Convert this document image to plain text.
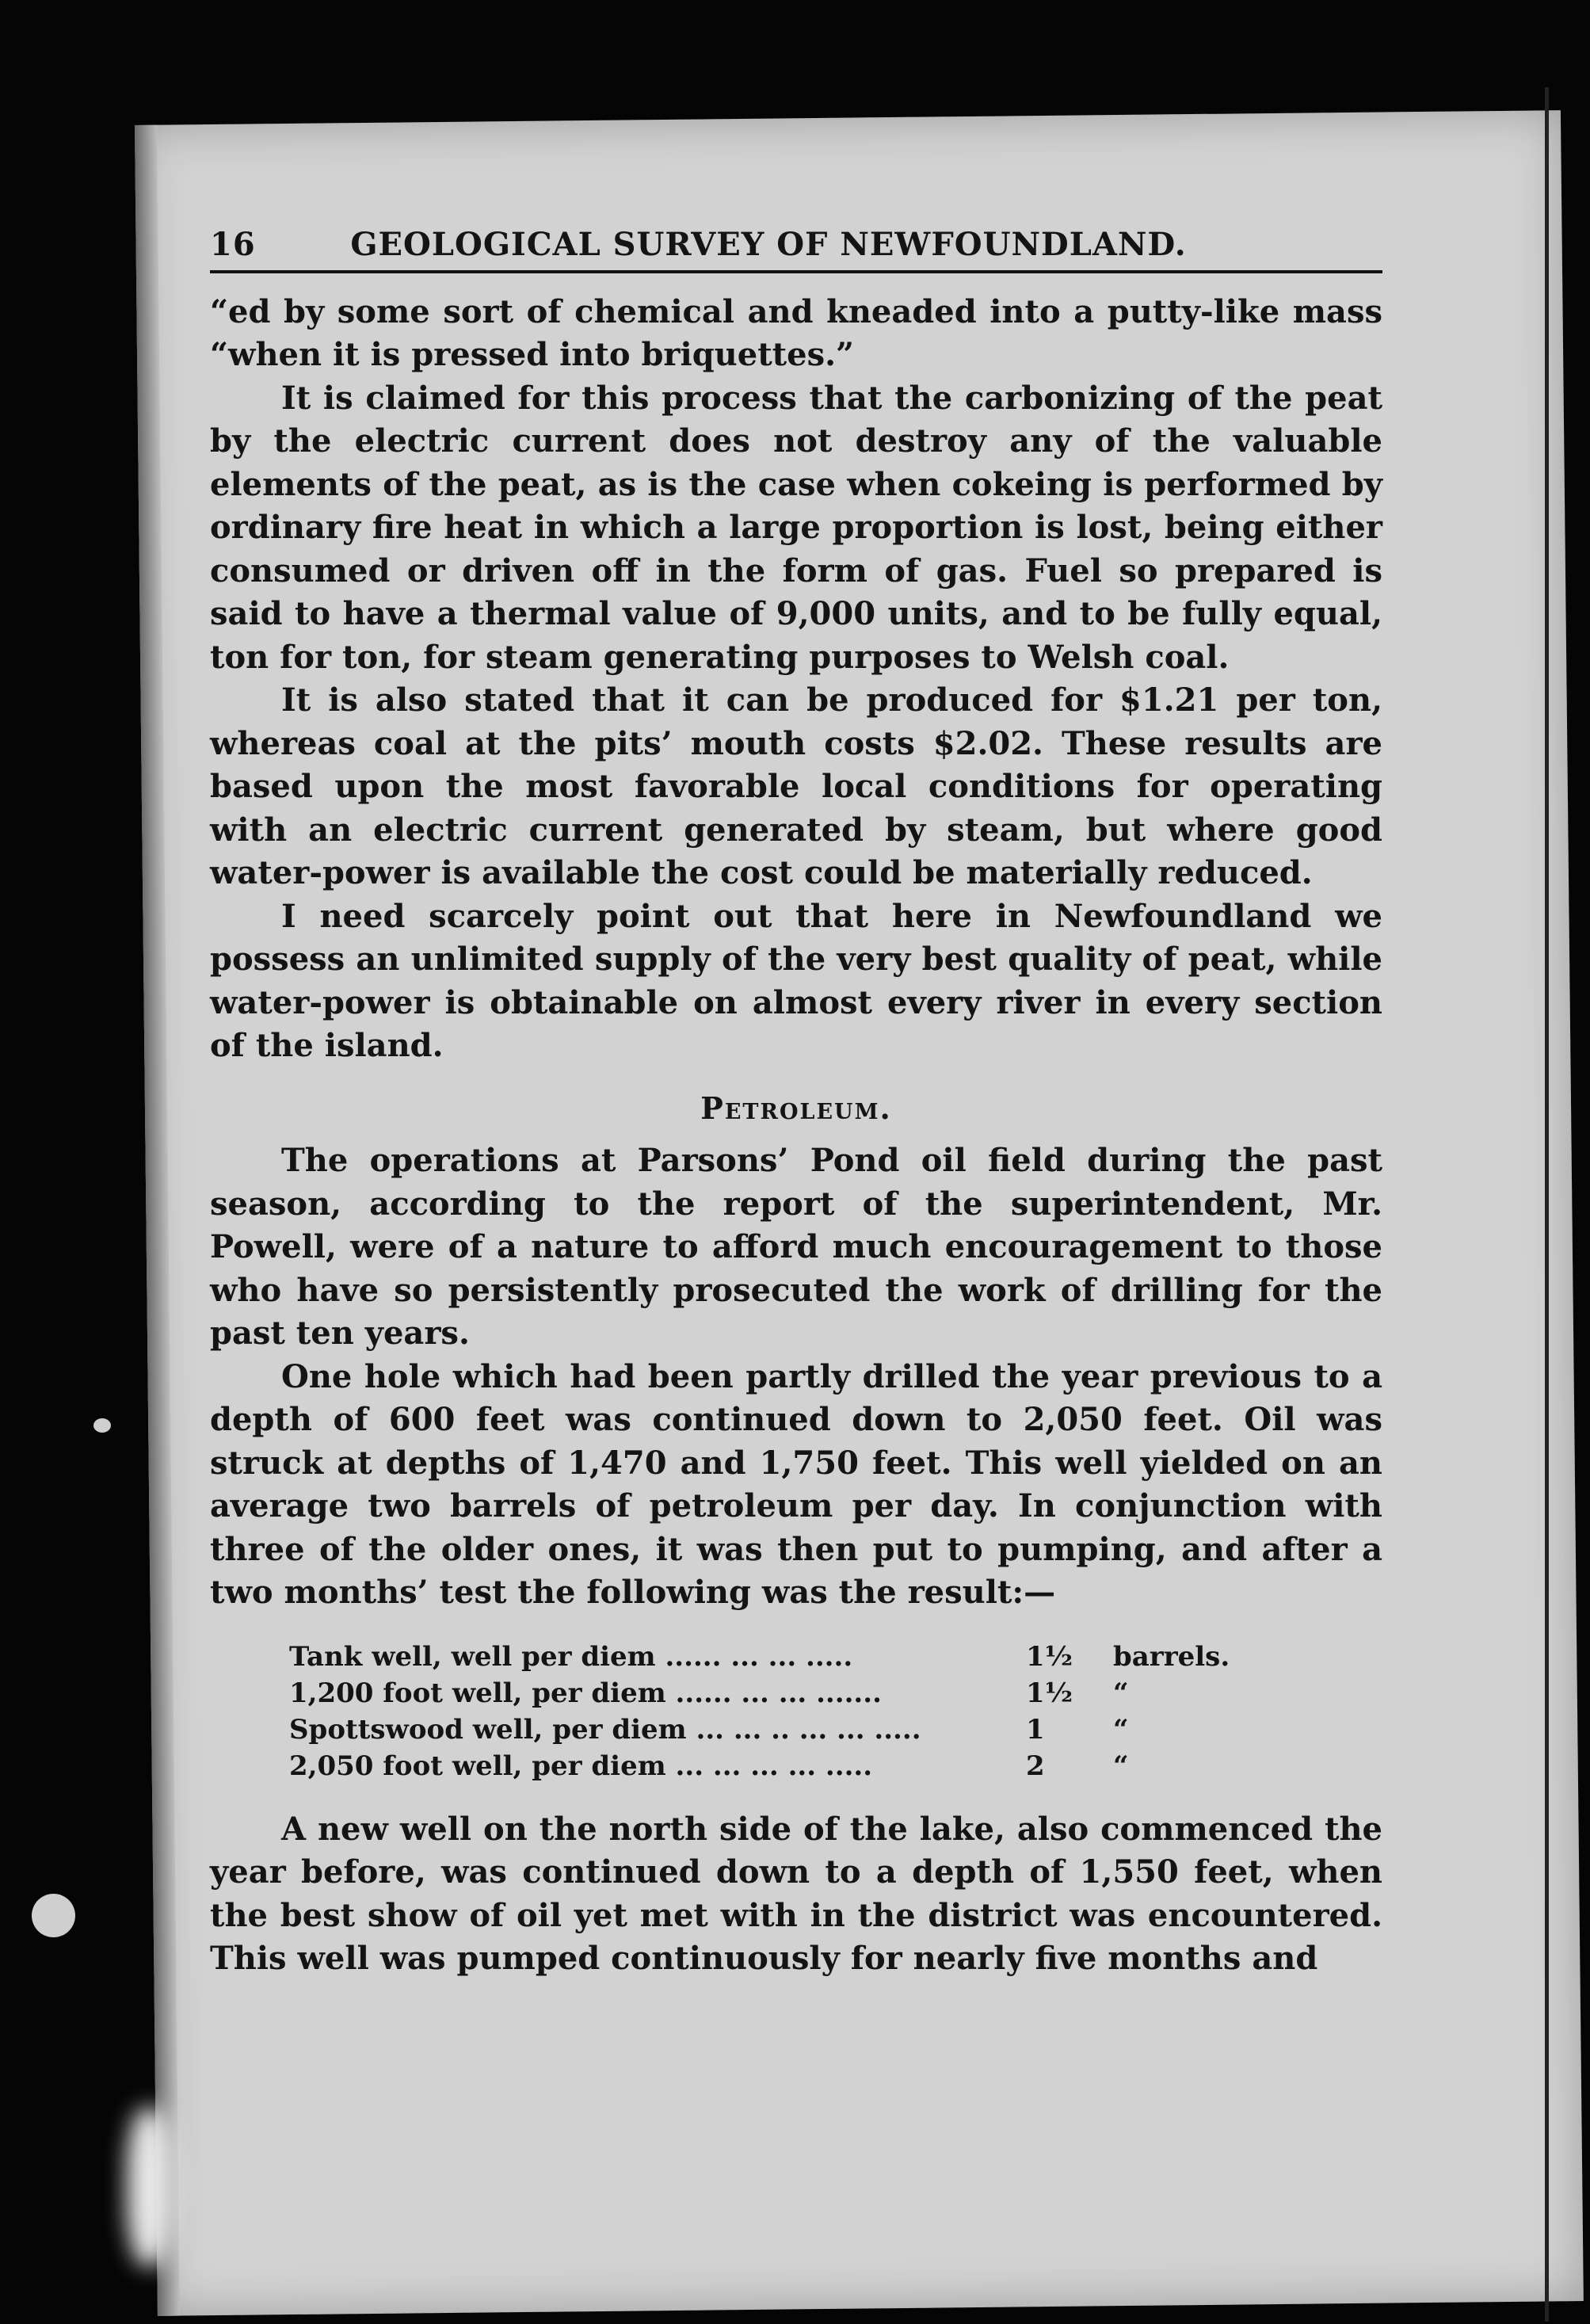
16	GEOLOGICAL SURVEY OF NEWFOUNDLAND.

“ed by some sort of chemical and kneaded into a putty-like mass “when it is pressed into briquettes.”

It is claimed for this process that the carbonizing of the peat by the electric current does not destroy any of the valuable elements of the peat, as is the case when cokeing is performed by ordinary fire heat in which a large proportion is lost, being either consumed or driven off in the form of gas. Fuel so prepared is said to have a thermal value of 9,000 units, and to be fully equal, ton for ton, for steam generating purposes to Welsh coal.

It is also stated that it can be produced for $1.21 per ton, whereas coal at the pits’ mouth costs $2.02. These results are based upon the most favorable local conditions for operating with an electric current generated by steam, but where good water-power is available the cost could be materially reduced.

I need scarcely point out that here in Newfoundland we possess an unlimited supply of the very best quality of peat, while water-power is obtainable on almost every river in every section of the island.

Petroleum.

The operations at Parsons’ Pond oil field during the past season, according to the report of the superintendent, Mr. Powell, were of a nature to afford much encouragement to those who have so persistently prosecuted the work of drilling for the past ten years.

One hole which had been partly drilled the year previous to a depth of 600 feet was continued down to 2,050 feet. Oil was struck at depths of 1,470 and 1,750 feet. This well yielded on an average two barrels of petroleum per day. In conjunction with three of the older ones, it was then put to pumping, and after a two months’ test the following was the result:—

Tank well, well per diem ...... ... ... .....	1½	barrels.
1,200 foot well, per diem ...... ... ... .......	1½	“
Spottswood well, per diem ... ... .. ... ... .....	1	“
2,050 foot well, per diem ... ... ... ... .....	2	“

A new well on the north side of the lake, also commenced the year before, was continued down to a depth of 1,550 feet, when the best show of oil yet met with in the district was encountered. This well was pumped continuously for nearly five months and
